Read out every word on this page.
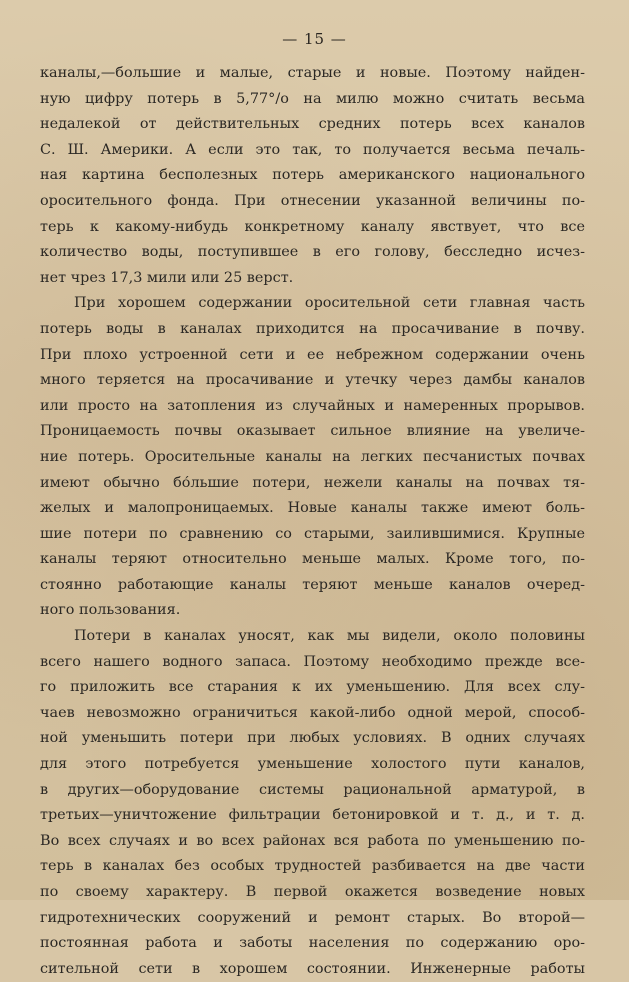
— 15 —
каналы,—большие и малые, старые и новые. Поэтому найден-
ную цифру потерь в 5,77°/о на милю можно считать весьма
недалекой от действительных средних потерь всех каналов
С. Ш. Америки. А если это так, то получается весьма печаль-
ная картина бесполезных потерь американского национального
оросительного фонда. При отнесении указанной величины по-
терь к какому-нибудь конкретному каналу явствует, что все
количество воды, поступившее в его голову, бесследно исчез-
нет чрез 17,3 мили или 25 верст.
При хорошем содержании оросительной сети главная часть
потерь воды в каналах приходится на просачивание в почву.
При плохо устроенной сети и ее небрежном содержании очень
много теряется на просачивание и утечку через дамбы каналов
или просто на затопления из случайных и намеренных прорывов.
Проницаемость почвы оказывает сильное влияние на увеличе-
ние потерь. Оросительные каналы на легких песчанистых почвах
имеют обычно бо́льшие потери, нежели каналы на почвах тя-
желых и малопроницаемых. Новые каналы также имеют боль-
шие потери по сравнению со старыми, заилившимися. Крупные
каналы теряют относительно меньше малых. Кроме того, по-
стоянно работающие каналы теряют меньше каналов очеред-
ного пользования.
Потери в каналах уносят, как мы видели, около половины
всего нашего водного запаса. Поэтому необходимо прежде все-
го приложить все старания к их уменьшению. Для всех слу-
чаев невозможно ограничиться какой-либо одной мерой, способ-
ной уменьшить потери при любых условиях. В одних случаях
для этого потребуется уменьшение холостого пути каналов,
в других—оборудование системы рациональной арматурой, в
третьих—уничтожение фильтрации бетонировкой и т. д., и т. д.
Во всех случаях и во всех районах вся работа по уменьшению по-
терь в каналах без особых трудностей разбивается на две части
по своему характеру. В первой окажется возведение новых
гидротехнических сооружений и ремонт старых. Во второй—
постоянная работа и заботы населения по содержанию оро-
сительной сети в хорошем состоянии. Инженерные работы
